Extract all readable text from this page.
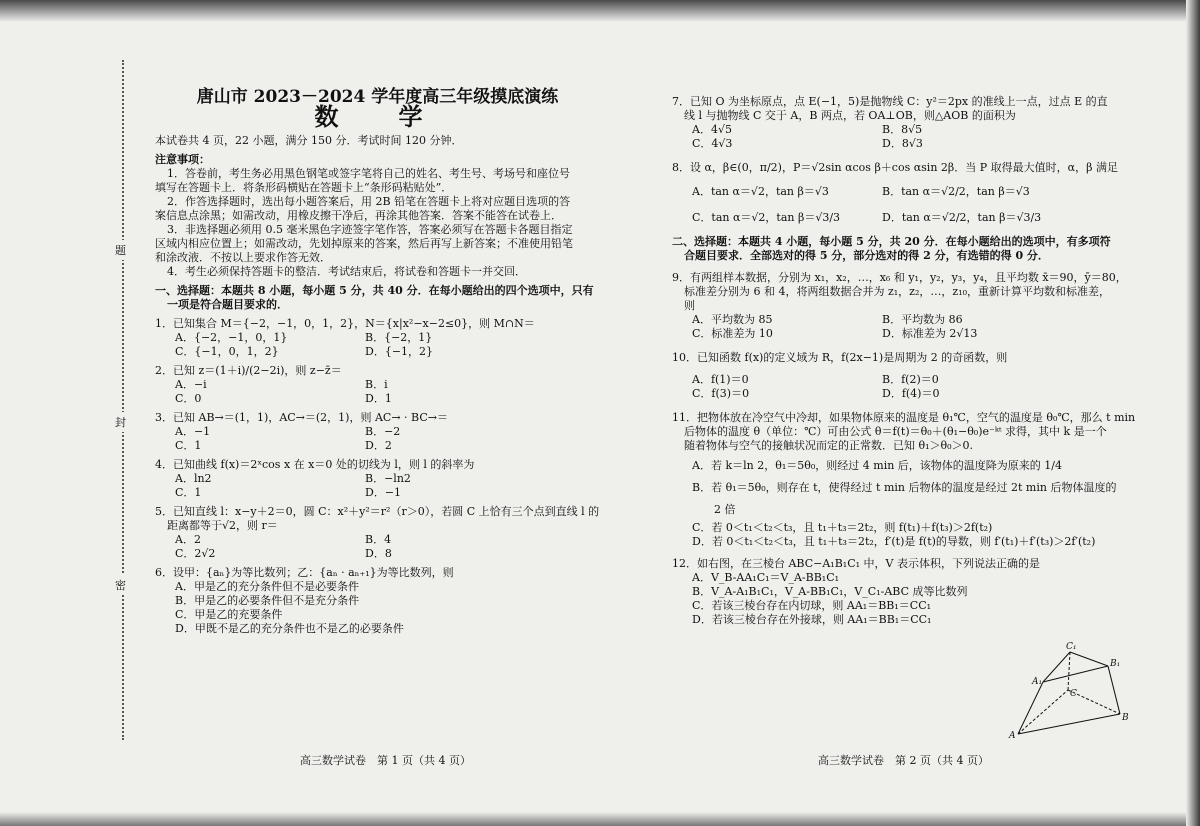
题
封
密
唐山市 2023－2024 学年度高三年级摸底演练
数　学
本试卷共 4 页，22 小题，满分 150 分．考试时间 120 分钟．
注意事项：
1．答卷前，考生务必用黑色钢笔或签字笔将自己的姓名、考生号、考场号和座位号
填写在答题卡上．将条形码横贴在答题卡上“条形码粘贴处”．
2．作答选择题时，选出每小题答案后，用 2B 铅笔在答题卡上将对应题目选项的答
案信息点涂黑；如需改动，用橡皮擦干净后，再涂其他答案．答案不能答在试卷上．
3．非选择题必须用 0.5 毫米黑色字迹签字笔作答，答案必须写在答题卡各题目指定
区域内相应位置上；如需改动，先划掉原来的答案，然后再写上新答案；不准使用铅笔
和涂改液．不按以上要求作答无效．
4．考生必须保持答题卡的整洁．考试结束后，将试卷和答题卡一并交回．
一、选择题：本题共 8 小题，每小题 5 分，共 40 分．在每小题给出的四个选项中，只有
一项是符合题目要求的．
1．已知集合 M＝{−2，−1，0，1，2}，N＝{x|x²−x−2≤0}，则 M∩N＝
A．{−2，−1，0，1}	B．{−2，1}
C．{−1，0，1，2}	D．{−1，2}
2．已知 z＝(1＋i)/(2−2i)，则 z−z̄＝
A．−i	B．i
C．0	D．1
3．已知 AB→＝(1，1)，AC→＝(2，1)，则 AC→ · BC→＝
A．−1	B．−2
C．1	D．2
4．已知曲线 f(x)＝2ˣcos x 在 x＝0 处的切线为 l，则 l 的斜率为
A．ln2	B．−ln2
C．1	D．−1
5．已知直线 l：x−y＋2＝0，圆 C：x²＋y²＝r²（r＞0），若圆 C 上恰有三个点到直线 l 的
距离都等于√2，则 r＝
A．2	B．4
C．2√2	D．8
6．设甲：{aₙ}为等比数列；乙：{aₙ · aₙ₊₁}为等比数列，则
A．甲是乙的充分条件但不是必要条件
B．甲是乙的必要条件但不是充分条件
C．甲是乙的充要条件
D．甲既不是乙的充分条件也不是乙的必要条件
高三数学试卷　第 1 页（共 4 页）
7．已知 O 为坐标原点，点 E(−1，5)是抛物线 C：y²＝2px 的准线上一点，过点 E 的直
线 l 与抛物线 C 交于 A，B 两点，若 OA⊥OB，则△AOB 的面积为
A．4√5	B．8√5
C．4√3	D．8√3
8．设 α，β∈(0，π/2)，P＝√2sin αcos β＋cos αsin 2β．当 P 取得最大值时，α，β 满足
A．tan α＝√2，tan β＝√3	B．tan α＝√2/2，tan β＝√3
C．tan α＝√2，tan β＝√3/3	D．tan α＝√2/2，tan β＝√3/3
二、选择题：本题共 4 小题，每小题 5 分，共 20 分．在每小题给出的选项中，有多项符
合题目要求．全部选对的得 5 分，部分选对的得 2 分，有选错的得 0 分．
9．有两组样本数据，分别为 x₁，x₂，…，x₆ 和 y₁，y₂，y₃，y₄，且平均数 x̄＝90，ȳ＝80，
标准差分别为 6 和 4，将两组数据合并为 z₁，z₂，…，z₁₀，重新计算平均数和标准差，
则
A．平均数为 85	B．平均数为 86
C．标准差为 10	D．标准差为 2√13
10．已知函数 f(x)的定义域为 R，f(2x−1)是周期为 2 的奇函数，则
A．f(1)＝0	B．f(2)＝0
C．f(3)＝0	D．f(4)＝0
11．把物体放在冷空气中冷却，如果物体原来的温度是 θ₁℃，空气的温度是 θ₀℃，那么 t min
后物体的温度 θ（单位：℃）可由公式 θ＝f(t)＝θ₀＋(θ₁−θ₀)e⁻ᵏᵗ 求得，其中 k 是一个
随着物体与空气的接触状况而定的正常数．已知 θ₁＞θ₀＞0.
A．若 k＝ln 2，θ₁＝5θ₀，则经过 4 min 后，该物体的温度降为原来的 1/4
B．若 θ₁＝5θ₀，则存在 t，使得经过 t min 后物体的温度是经过 2t min 后物体温度的
　　2 倍
C．若 0＜t₁＜t₂＜t₃，且 t₁＋t₃＝2t₂，则 f(t₁)＋f(t₃)＞2f(t₂)
D．若 0＜t₁＜t₂＜t₃，且 t₁＋t₃＝2t₂，f′(t)是 f(t)的导数，则 f′(t₁)＋f′(t₃)＞2f′(t₂)
12．如右图，在三棱台 ABC−A₁B₁C₁ 中，V 表示体积，下列说法正确的是
A．V_B-AA₁C₁＝V_A-BB₁C₁
B．V_A-A₁B₁C₁，V_A-BB₁C₁，V_C₁-ABC 成等比数列
C．若该三棱台存在内切球，则 AA₁＝BB₁＝CC₁
D．若该三棱台存在外接球，则 AA₁＝BB₁＝CC₁
A
B
C
A₁
B₁
C₁
高三数学试卷　第 2 页（共 4 页）
